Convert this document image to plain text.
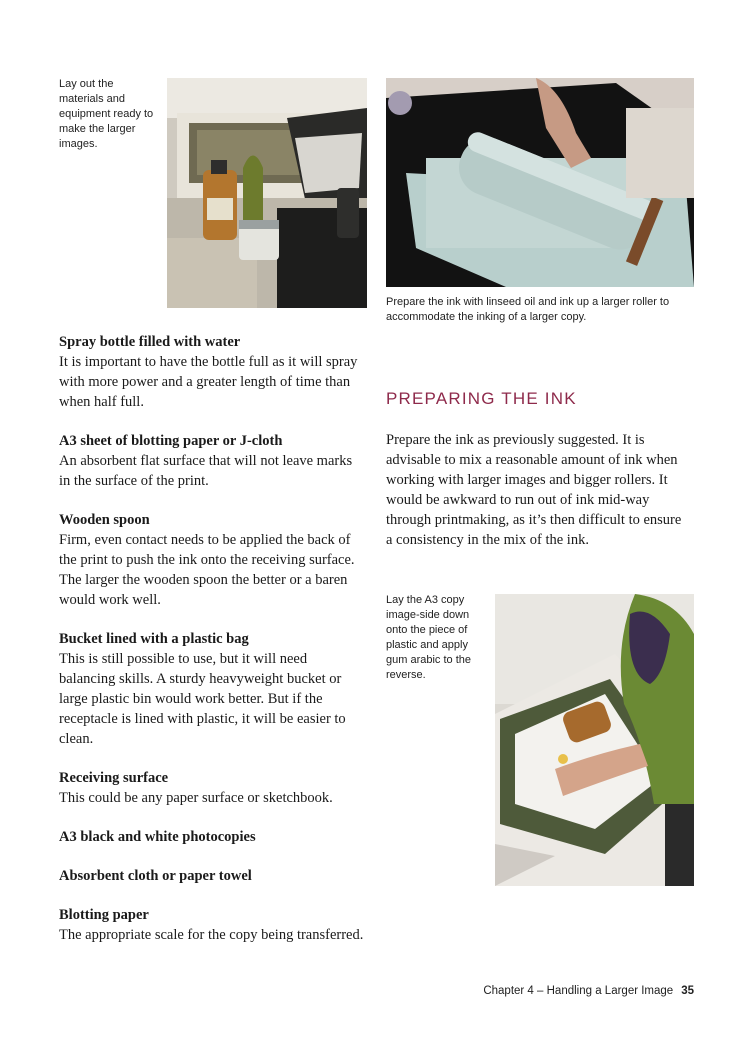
Lay out the materials and equipment ready to make the larger images.
Prepare the ink with linseed oil and ink up a larger roller to accommodate the inking of a larger copy.
Spray bottle filled with water
It is important to have the bottle full as it will spray with more power and a greater length of time than when half full.
A3 sheet of blotting paper or J-cloth
An absorbent flat surface that will not leave marks in the surface of the print.
Wooden spoon
Firm, even contact needs to be applied the back of the print to push the ink onto the receiving surface. The larger the wooden spoon the better or a baren would work well.
Bucket lined with a plastic bag
This is still possible to use, but it will need balancing skills. A sturdy heavyweight bucket or large plastic bin would work better. But if the receptacle is lined with plastic, it will be easier to clean.
Receiving surface
This could be any paper surface or sketchbook.
A3 black and white photocopies
Absorbent cloth or paper towel
Blotting paper
The appropriate scale for the copy being transferred.
PREPARING THE INK
Prepare the ink as previously suggested. It is advisable to mix a reasonable amount of ink when working with larger images and bigger rollers. It would be awkward to run out of ink mid-way through printmaking, as it’s then difficult to ensure a consistency in the mix of the ink.
Lay the A3 copy image-side down onto the piece of plastic and apply gum arabic to the reverse.
Chapter 4 – Handling a Larger Image 35
